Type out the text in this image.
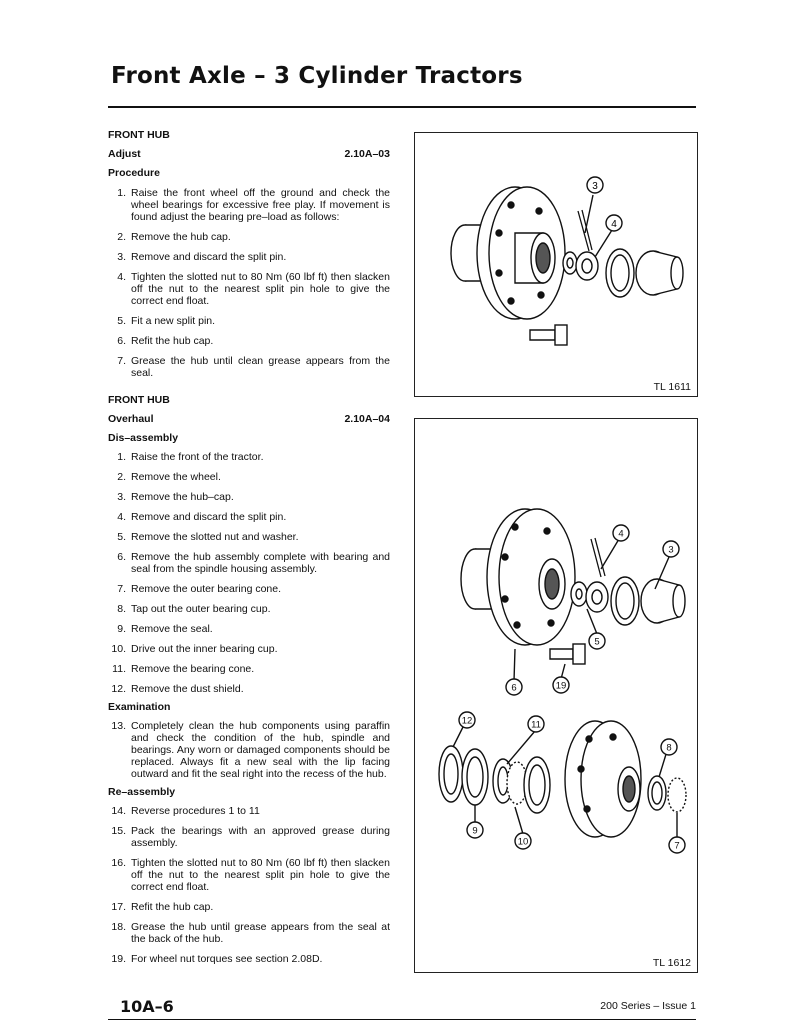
Front Axle – 3 Cylinder Tractors
FRONT HUB
Adjust	2.10A–03
Procedure
1. Raise the front wheel off the ground and check the wheel bearings for excessive free play. If movement is found adjust the bearing pre–load as follows:
2. Remove the hub cap.
3. Remove and discard the split pin.
4. Tighten the slotted nut to 80 Nm (60 lbf ft) then slacken off the nut to the nearest split pin hole to give the correct end float.
5. Fit a new split pin.
6. Refit the hub cap.
7. Grease the hub until clean grease appears from the seal.
FRONT HUB
Overhaul	2.10A–04
Dis–assembly
1. Raise the front of the tractor.
2. Remove the wheel.
3. Remove the hub–cap.
4. Remove and discard the split pin.
5. Remove the slotted nut and washer.
6. Remove the hub assembly complete with bearing and seal from the spindle housing assembly.
7. Remove the outer bearing cone.
8. Tap out the outer bearing cup.
9. Remove the seal.
10. Drive out the inner bearing cup.
11. Remove the bearing cone.
12. Remove the dust shield.
Examination
13. Completely clean the hub components using paraffin and check the condition of the hub, spindle and bearings. Any worn or damaged components should be replaced. Always fit a new seal with the lip facing outward and fit the seal right into the recess of the hub.
Re–assembly
14. Reverse procedures 1 to 11
15. Pack the bearings with an approved grease during assembly.
16. Tighten the slotted nut to 80 Nm (60 lbf ft) then slacken off the nut to the nearest split pin hole to give the correct end float.
17. Refit the hub cap.
18. Grease the hub until grease appears from the seal at the back of the hub.
19. For wheel nut torques see section 2.08D.
3
4
TL 1611
4
3
5
6	19
12	11
8
9
10	7
TL 1612
10A–6	200 Series – Issue 1
